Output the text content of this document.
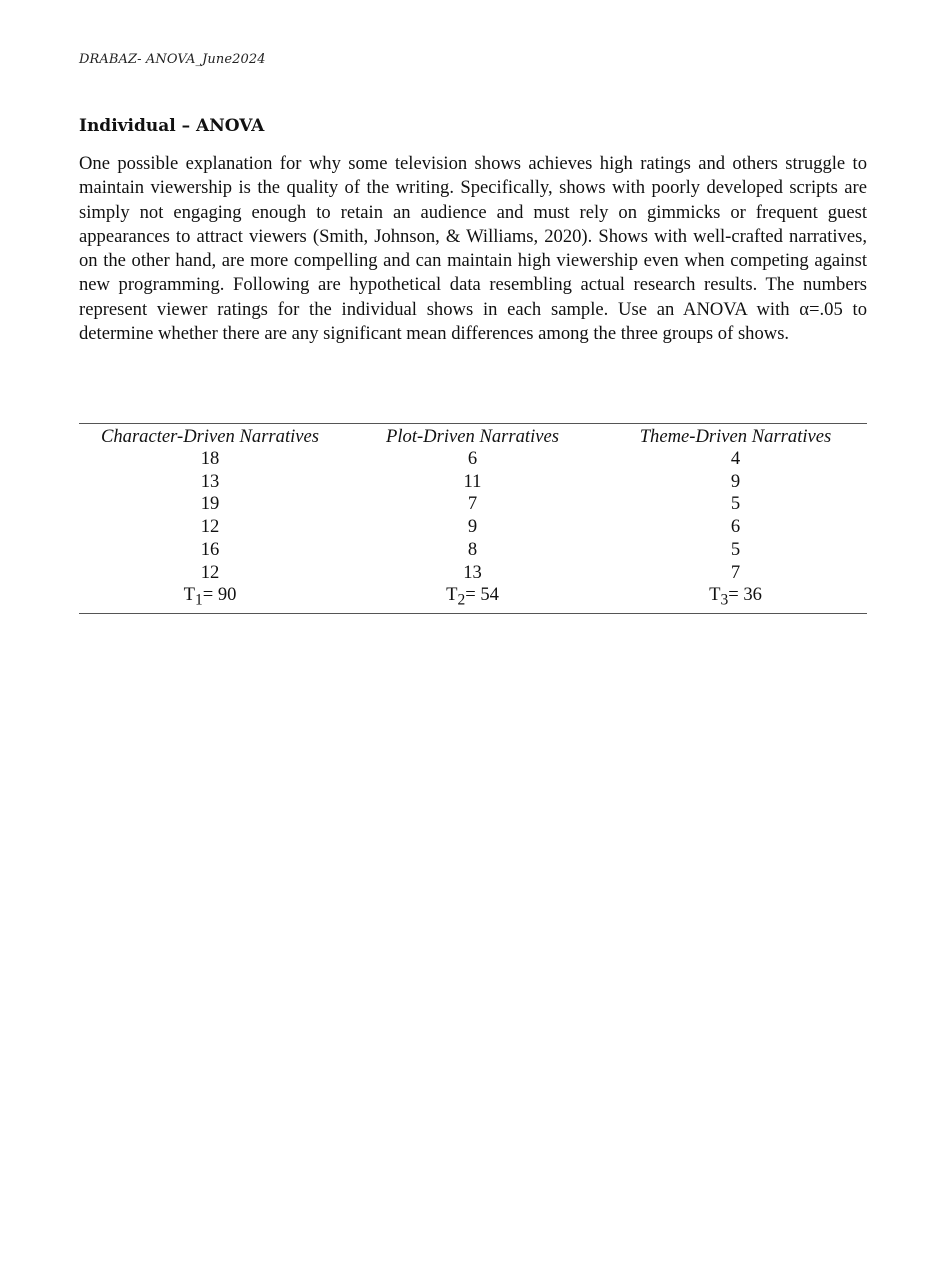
DRABAZ- ANOVA_June2024
Individual – ANOVA

One possible explanation for why some television shows achieves high ratings and others struggle to maintain viewership is the quality of the writing. Specifically, shows with poorly developed scripts are simply not engaging enough to retain an audience and must rely on gimmicks or frequent guest appearances to attract viewers (Smith, Johnson, & Williams, 2020). Shows with well-crafted narratives, on the other hand, are more compelling and can maintain high viewership even when competing against new programming. Following are hypothetical data resembling actual research results. The numbers represent viewer ratings for the individual shows in each sample. Use an ANOVA with α=.05 to determine whether there are any significant mean differences among the three groups of shows.

Character-Driven Narratives	Plot-Driven Narratives	Theme-Driven Narratives
18	6	4
13	11	9
19	7	5
12	9	6
16	8	5
12	13	7
$T_1= 90$	$T_2= 54$	$T_3= 36$
